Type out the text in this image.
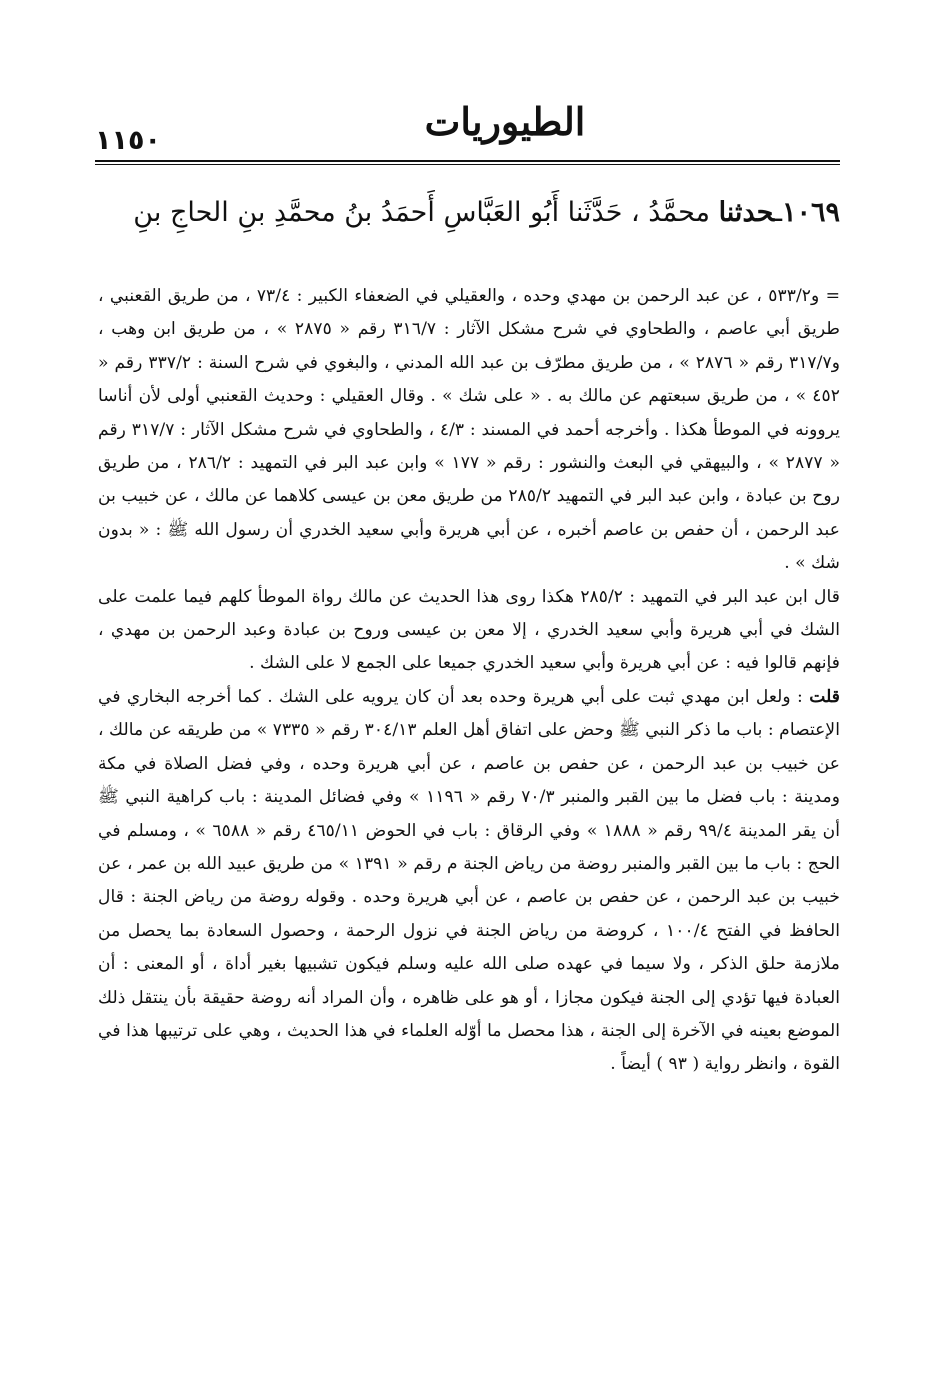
١١٥٠	الطيوريات
١٠٦٩ـحدثنا محمَّدُ ، حَدَّثَنا أَبُو العَبَّاسِ أَحمَدُ بنُ محمَّدِ بنِ الحاجِ بنِ

= و٥٣٣/٢ ، عن عبد الرحمن بن مهدي وحده ، والعقيلي في الضعفاء الكبير : ٧٣/٤ ، من طريق القعنبي ، طريق أبي عاصم ، والطحاوي في شرح مشكل الآثار : ٣١٦/٧ رقم « ٢٨٧٥ » ، من طريق ابن وهب ، و٣١٧/٧ رقم « ٢٨٧٦ » ، من طريق مطرّف بن عبد الله المدني ، والبغوي في شرح السنة : ٣٣٧/٢ رقم « ٤٥٢ » ، من طريق سبعتهم عن مالك به . « على شك » . وقال العقيلي : وحديث القعنبي أولى لأن أناسا يروونه في الموطأ هكذا . وأخرجه أحمد في المسند : ٤/٣ ، والطحاوي في شرح مشكل الآثار : ٣١٧/٧ رقم « ٢٨٧٧ » ، والبيهقي في البعث والنشور : رقم « ١٧٧ » وابن عبد البر في التمهيد : ٢٨٦/٢ ، من طريق روح بن عبادة ، وابن عبد البر في التمهيد ٢٨٥/٢ من طريق معن بن عيسى كلاهما عن مالك ، عن خبيب بن عبد الرحمن ، أن حفص بن عاصم أخبره ، عن أبي هريرة وأبي سعيد الخدري أن رسول الله ﷺ : « بدون شك » .

قال ابن عبد البر في التمهيد : ٢٨٥/٢ هكذا روى هذا الحديث عن مالك رواة الموطأ كلهم فيما علمت على الشك في أبي هريرة وأبي سعيد الخدري ، إلا معن بن عيسى وروح بن عبادة وعبد الرحمن بن مهدي ، فإنهم قالوا فيه : عن أبي هريرة وأبي سعيد الخدري جميعا على الجمع لا على الشك .

قلت : ولعل ابن مهدي ثبت على أبي هريرة وحده بعد أن كان يرويه على الشك . كما أخرجه البخاري في الإعتصام : باب ما ذكر النبي ﷺ وحض على اتفاق أهل العلم ٣٠٤/١٣ رقم « ٧٣٣٥ » من طريقه عن مالك ، عن خبيب بن عبد الرحمن ، عن حفص بن عاصم ، عن أبي هريرة وحده ، وفي فضل الصلاة في مكة ومدينة : باب فضل ما بين القبر والمنبر ٧٠/٣ رقم « ١١٩٦ » وفي فضائل المدينة : باب كراهية النبي ﷺ أن يقر المدينة ٩٩/٤ رقم « ١٨٨٨ » وفي الرقاق : باب في الحوض ٤٦٥/١١ رقم « ٦٥٨٨ » ، ومسلم في الحج : باب ما بين القبر والمنبر روضة من رياض الجنة م رقم « ١٣٩١ » من طريق عبيد الله بن عمر ، عن خبيب بن عبد الرحمن ، عن حفص بن عاصم ، عن أبي هريرة وحده . وقوله روضة من رياض الجنة : قال الحافظ في الفتح ١٠٠/٤ ، كروضة من رياض الجنة في نزول الرحمة ، وحصول السعادة بما يحصل من ملازمة حلق الذكر ، ولا سيما في عهده صلى الله عليه وسلم فيكون تشبيها بغير أداة ، أو المعنى : أن العبادة فيها تؤدي إلى الجنة فيكون مجازا ، أو هو على ظاهره ، وأن المراد أنه روضة حقيقة بأن ينتقل ذلك الموضع بعينه في الآخرة إلى الجنة ، هذا محصل ما أوّله العلماء في هذا الحديث ، وهي على ترتيبها هذا في القوة ، وانظر رواية ( ٩٣ ) أيضاً .
